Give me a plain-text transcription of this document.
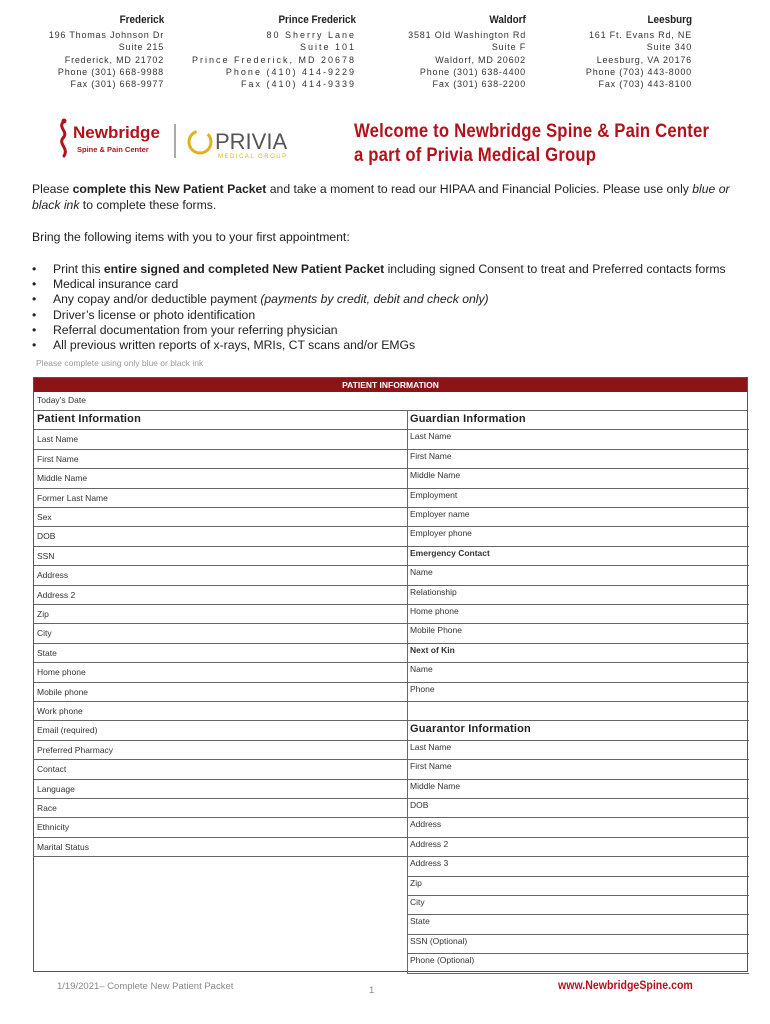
Frederick
196 Thomas Johnson Dr
Suite 215
Frederick, MD 21702
Phone (301) 668-9988
Fax (301) 668-9977
Prince Frederick
80 Sherry Lane
Suite 101
Prince Frederick, MD 20678
Phone (410) 414-9229
Fax (410) 414-9339
Waldorf
3581 Old Washington Rd
Suite F
Waldorf, MD 20602
Phone (301) 638-4400
Fax (301) 638-2200
Leesburg
161 Ft. Evans Rd, NE
Suite 340
Leesburg, VA 20176
Phone (703) 443-8000
Fax (703) 443-8100
Newbridge
Spine & Pain Center	PRIVIA
MEDICAL GROUP
Welcome to Newbridge Spine & Pain Center
a part of Privia Medical Group
Please complete this New Patient Packet and take a moment to read our HIPAA and Financial Policies. Please use only blue or black ink to complete these forms.
Bring the following items with you to your first appointment:
• Print this entire signed and completed New Patient Packet including signed Consent to treat and Preferred contacts forms
• Medical insurance card
• Any copay and/or deductible payment (payments by credit, debit and check only)
• Driver’s license or photo identification
• Referral documentation from your referring physician
• All previous written reports of x-rays, MRIs, CT scans and/or EMGs
Please complete using only blue or black ink
PATIENT INFORMATION
Today’s Date
Patient Information
Last Name
First Name
Middle Name
Former Last Name
Sex
DOB
SSN
Address
Address 2
Zip
City
State
Home phone
Mobile phone
Work phone
Email (required)
Preferred Pharmacy
Contact
Language
Race
Ethnicity
Marital Status
Guardian Information
Last Name
First Name
Middle Name
Employment
Employer name
Employer phone
Emergency Contact
Name
Relationship
Home phone
Mobile Phone
Next of Kin
Name
Phone
Guarantor Information
Last Name
First Name
Middle Name
DOB
Address
Address 2
Address 3
Zip
City
State
SSN (Optional)
Phone (Optional)
1/19/2021– Complete New Patient Packet	1	www.NewbridgeSpine.com
